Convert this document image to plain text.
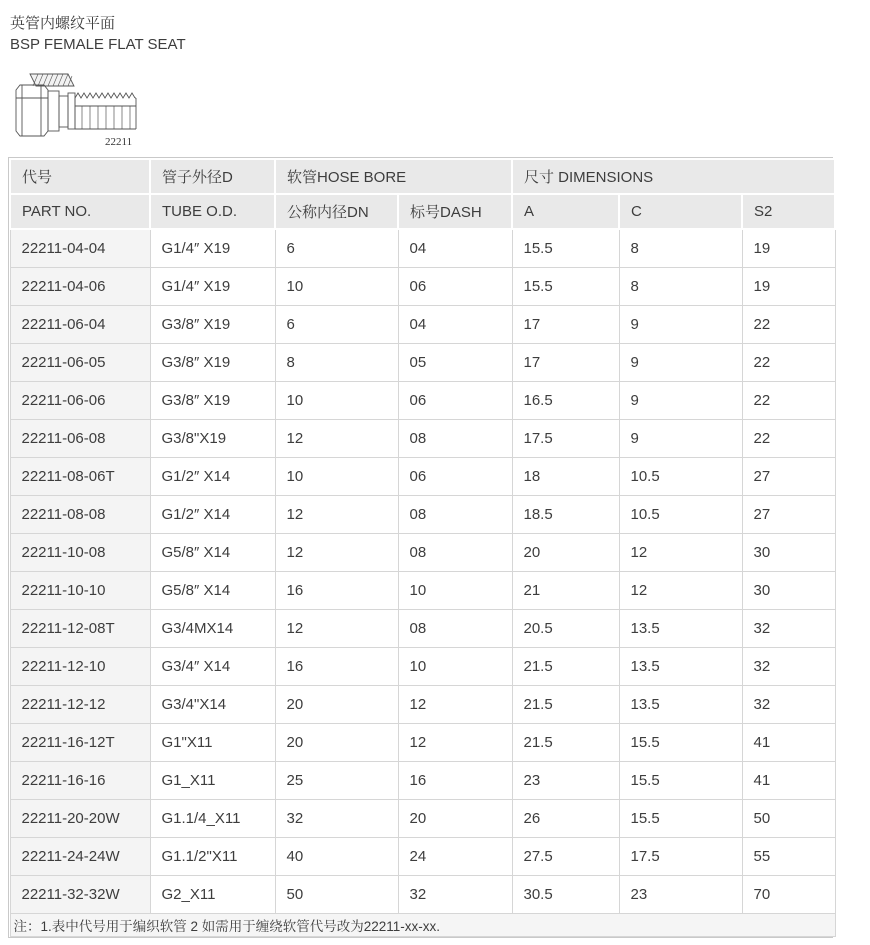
英管内螺纹平面
BSP FEMALE FLAT SEAT
22211
代号	管子外径D	软管HOSE BORE		尺寸 DIMENSIONS		
PART NO.	TUBE O.D.	公称内径DN	标号DASH	A	C	S2
22211-04-04	G1/4″ X19	6	04	15.5	8	19
22211-04-06	G1/4″ X19	10	06	15.5	8	19
22211-06-04	G3/8″ X19	6	04	17	9	22
22211-06-05	G3/8″ X19	8	05	17	9	22
22211-06-06	G3/8″ X19	10	06	16.5	9	22
22211-06-08	G3/8"X19	12	08	17.5	9	22
22211-08-06T	G1/2″ X14	10	06	18	10.5	27
22211-08-08	G1/2″ X14	12	08	18.5	10.5	27
22211-10-08	G5/8″ X14	12	08	20	12	30
22211-10-10	G5/8″ X14	16	10	21	12	30
22211-12-08T	G3/4MX14	12	08	20.5	13.5	32
22211-12-10	G3/4″ X14	16	10	21.5	13.5	32
22211-12-12	G3/4"X14	20	12	21.5	13.5	32
22211-16-12T	G1"X11	20	12	21.5	15.5	41
22211-16-16	G1_X11	25	16	23	15.5	41
22211-20-20W	G1.1/4_X11	32	20	26	15.5	50
22211-24-24W	G1.1/2"X11	40	24	27.5	17.5	55
22211-32-32W	G2_X11	50	32	30.5	23	70
注：1.表中代号用于编织软管 2 如需用于缠绕软管代号改为22211-xx-xx.						
